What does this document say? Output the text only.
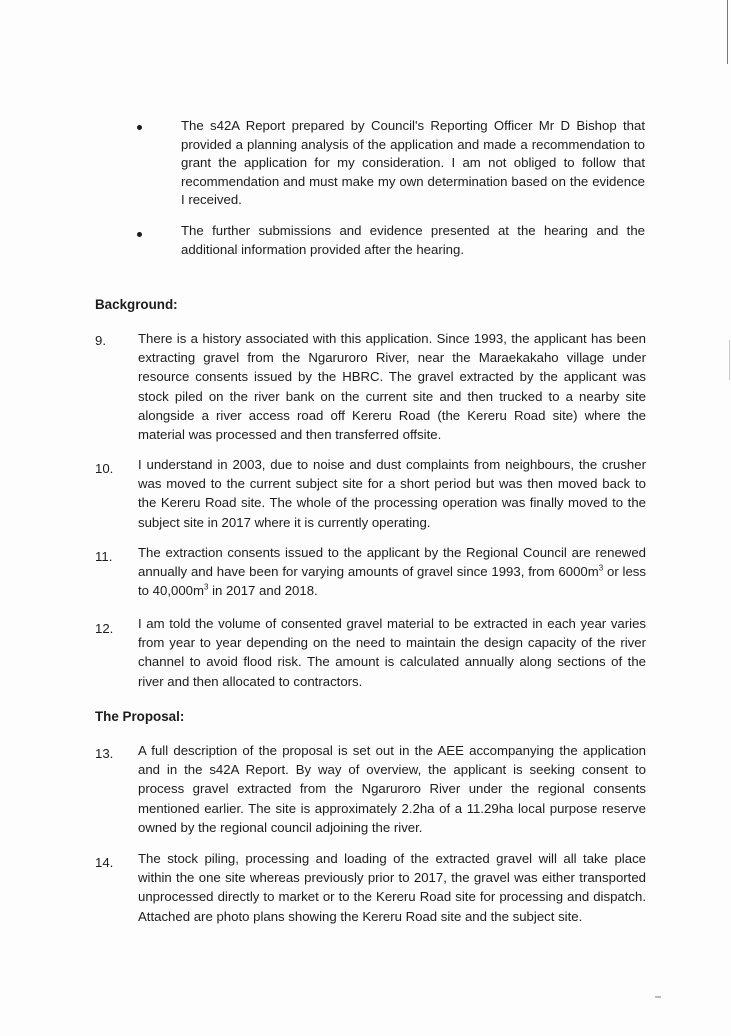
The s42A Report prepared by Council's Reporting Officer Mr D Bishop that provided a planning analysis of the application and made a recommendation to grant the application for my consideration. I am not obliged to follow that recommendation and must make my own determination based on the evidence I received.
The further submissions and evidence presented at the hearing and the additional information provided after the hearing.
Background:
9. There is a history associated with this application. Since 1993, the applicant has been extracting gravel from the Ngaruroro River, near the Maraekakaho village under resource consents issued by the HBRC. The gravel extracted by the applicant was stock piled on the river bank on the current site and then trucked to a nearby site alongside a river access road off Kereru Road (the Kereru Road site) where the material was processed and then transferred offsite.
10. I understand in 2003, due to noise and dust complaints from neighbours, the crusher was moved to the current subject site for a short period but was then moved back to the Kereru Road site. The whole of the processing operation was finally moved to the subject site in 2017 where it is currently operating.
11. The extraction consents issued to the applicant by the Regional Council are renewed annually and have been for varying amounts of gravel since 1993, from $6000m^3$ or less to $40,000m^3$ in 2017 and 2018.
12. I am told the volume of consented gravel material to be extracted in each year varies from year to year depending on the need to maintain the design capacity of the river channel to avoid flood risk. The amount is calculated annually along sections of the river and then allocated to contractors.
The Proposal:
13. A full description of the proposal is set out in the AEE accompanying the application and in the s42A Report. By way of overview, the applicant is seeking consent to process gravel extracted from the Ngaruroro River under the regional consents mentioned earlier. The site is approximately 2.2ha of a 11.29ha local purpose reserve owned by the regional council adjoining the river.
14. The stock piling, processing and loading of the extracted gravel will all take place within the one site whereas previously prior to 2017, the gravel was either transported unprocessed directly to market or to the Kereru Road site for processing and dispatch. Attached are photo plans showing the Kereru Road site and the subject site.
